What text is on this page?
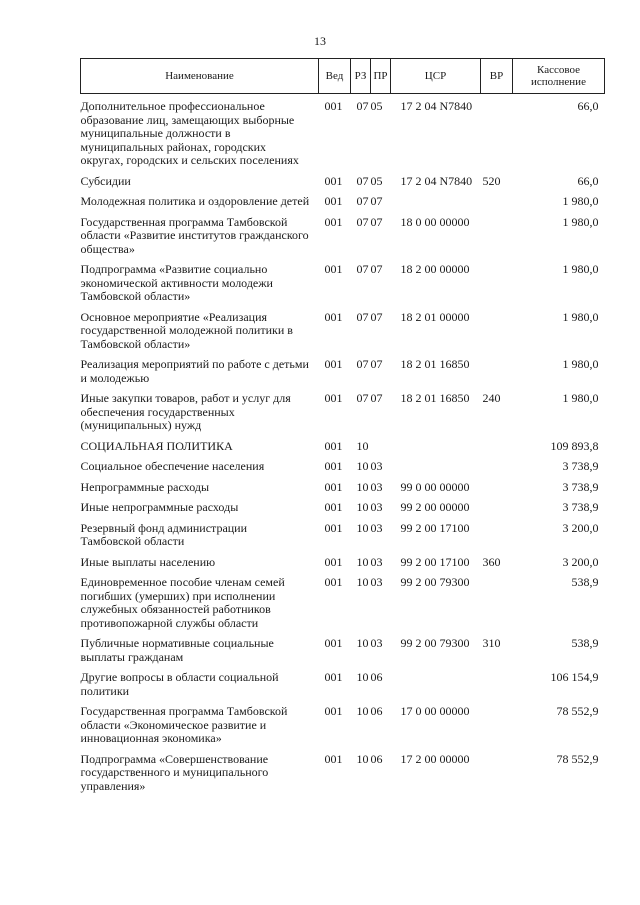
13
Наименование	Вед	РЗ	ПР	ЦСР	ВР	Кассовое исполнение
Дополнительное профессиональное образование лиц, замещающих выборные муниципальные должности в муниципальных районах, городских округах, городских и сельских поселениях	001	07	05	17 2 04 N7840		66,0
Субсидии	001	07	05	17 2 04 N7840	520	66,0
Молодежная политика и оздоровление детей	001	07	07			1 980,0
Государственная программа Тамбовской области «Развитие институтов гражданского общества»	001	07	07	18 0 00 00000		1 980,0
Подпрограмма «Развитие социально экономической активности молодежи Тамбовской области»	001	07	07	18 2 00 00000		1 980,0
Основное мероприятие «Реализация государственной молодежной политики в Тамбовской области»	001	07	07	18 2 01 00000		1 980,0
Реализация мероприятий по работе с детьми и молодежью	001	07	07	18 2 01 16850		1 980,0
Иные закупки товаров, работ и услуг для обеспечения государственных (муниципальных) нужд	001	07	07	18 2 01 16850	240	1 980,0
СОЦИАЛЬНАЯ ПОЛИТИКА	001	10				109 893,8
Социальное обеспечение населения	001	10	03			3 738,9
Непрограммные расходы	001	10	03	99 0 00 00000		3 738,9
Иные непрограммные расходы	001	10	03	99 2 00 00000		3 738,9
Резервный фонд администрации Тамбовской области	001	10	03	99 2 00 17100		3 200,0
Иные выплаты населению	001	10	03	99 2 00 17100	360	3 200,0
Единовременное пособие членам семей погибших (умерших) при исполнении служебных обязанностей работников противопожарной службы области	001	10	03	99 2 00 79300		538,9
Публичные нормативные социальные выплаты гражданам	001	10	03	99 2 00 79300	310	538,9
Другие вопросы в области социальной политики	001	10	06			106 154,9
Государственная программа Тамбовской области «Экономическое развитие и инновационная экономика»	001	10	06	17 0 00 00000		78 552,9
Подпрограмма «Совершенствование государственного и муниципального управления»	001	10	06	17 2 00 00000		78 552,9
